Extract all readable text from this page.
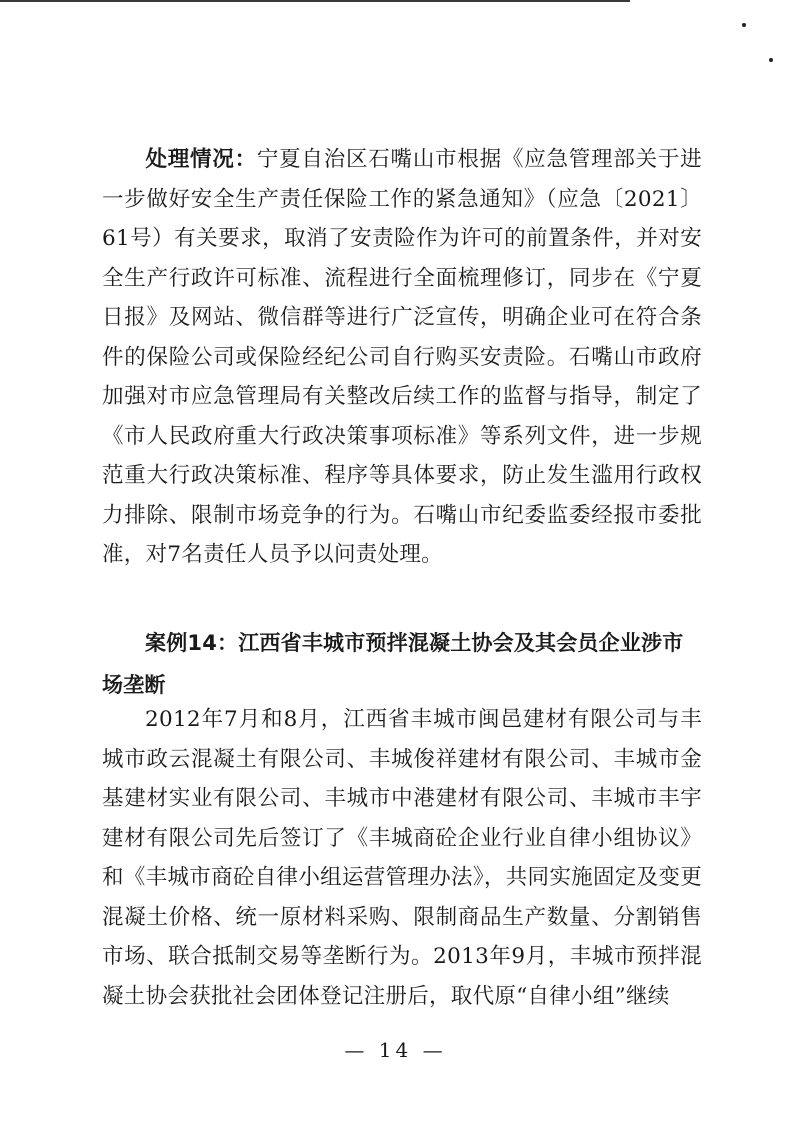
处理情况：宁夏自治区石嘴山市根据《应急管理部关于进一步做好安全生产责任保险工作的紧急通知》（应急〔2021〕61号）有关要求，取消了安责险作为许可的前置条件，并对安全生产行政许可标准、流程进行全面梳理修订，同步在《宁夏日报》及网站、微信群等进行广泛宣传，明确企业可在符合条件的保险公司或保险经纪公司自行购买安责险。石嘴山市政府加强对市应急管理局有关整改后续工作的监督与指导，制定了《市人民政府重大行政决策事项标准》等系列文件，进一步规范重大行政决策标准、程序等具体要求，防止发生滥用行政权力排除、限制市场竞争的行为。石嘴山市纪委监委经报市委批准，对7名责任人员予以问责处理。

案例14：江西省丰城市预拌混凝土协会及其会员企业涉市场垄断

2012年7月和8月，江西省丰城市闽邑建材有限公司与丰城市政云混凝土有限公司、丰城俊祥建材有限公司、丰城市金基建材实业有限公司、丰城市中港建材有限公司、丰城市丰宇建材有限公司先后签订了《丰城商砼企业行业自律小组协议》和《丰城市商砼自律小组运营管理办法》，共同实施固定及变更混凝土价格、统一原材料采购、限制商品生产数量、分割销售市场、联合抵制交易等垄断行为。2013年9月，丰城市预拌混凝土协会获批社会团体登记注册后，取代原“自律小组”继续

— 14 —
